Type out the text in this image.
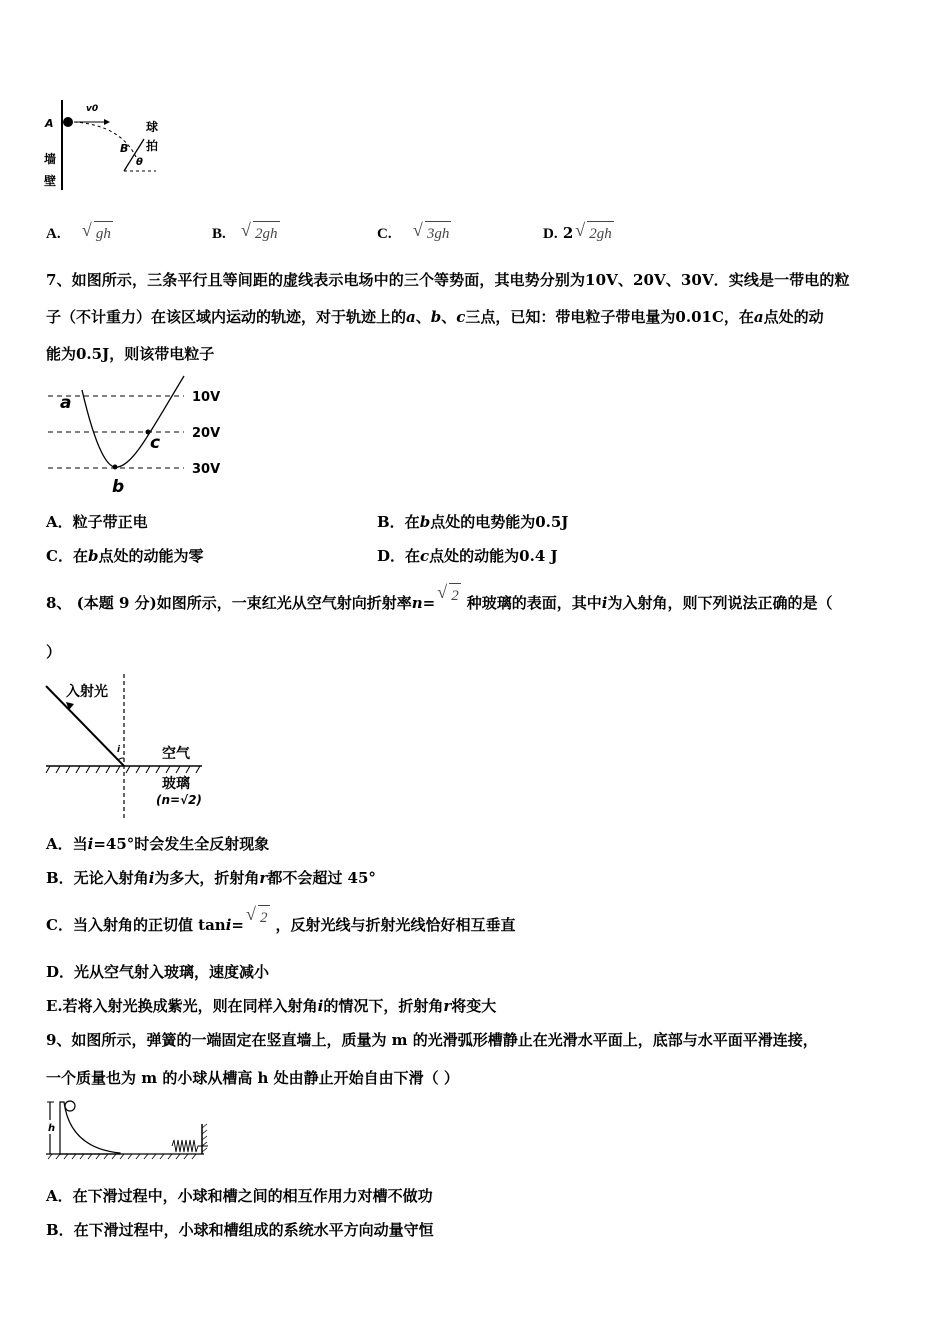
A
v0
B
θ
球
拍
墙
壁
A. √ gh	B. √ 2gh	C. √ 3gh	D. 2 √ 2gh
7、如图所示，三条平行且等间距的虚线表示电场中的三个等势面，其电势分别为10V、20V、30V．实线是一带电的粒
子（不计重力）在该区域内运动的轨迹，对于轨迹上的a、b、c三点，已知：带电粒子带电量为0.01C，在a点处的动
能为0.5J，则该带电粒子
a
b
c
10V
20V
30V
A．粒子带正电	B．在b点处的电势能为0.5J
C．在b点处的动能为零	D．在c点处的动能为0.4 J
8、 (本题 9 分)如图所示，一束红光从空气射向折射率n= √ 2 种玻璃的表面，其中i为入射角，则下列说法正确的是（
）
i
入射光
空气
玻璃
(n=√2)
A．当i=45°时会发生全反射现象
B．无论入射角i为多大，折射角r都不会超过 45°
C．当入射角的正切值 tani= √ 2 ，反射光线与折射光线恰好相互垂直
D．光从空气射入玻璃，速度减小
E.若将入射光换成紫光，则在同样入射角i的情况下，折射角r将变大
9、如图所示，弹簧的一端固定在竖直墙上，质量为 m 的光滑弧形槽静止在光滑水平面上，底部与水平面平滑连接，
一个质量也为 m 的小球从槽高 h 处由静止开始自由下滑（ ）
h
A．在下滑过程中，小球和槽之间的相互作用力对槽不做功
B．在下滑过程中，小球和槽组成的系统水平方向动量守恒
